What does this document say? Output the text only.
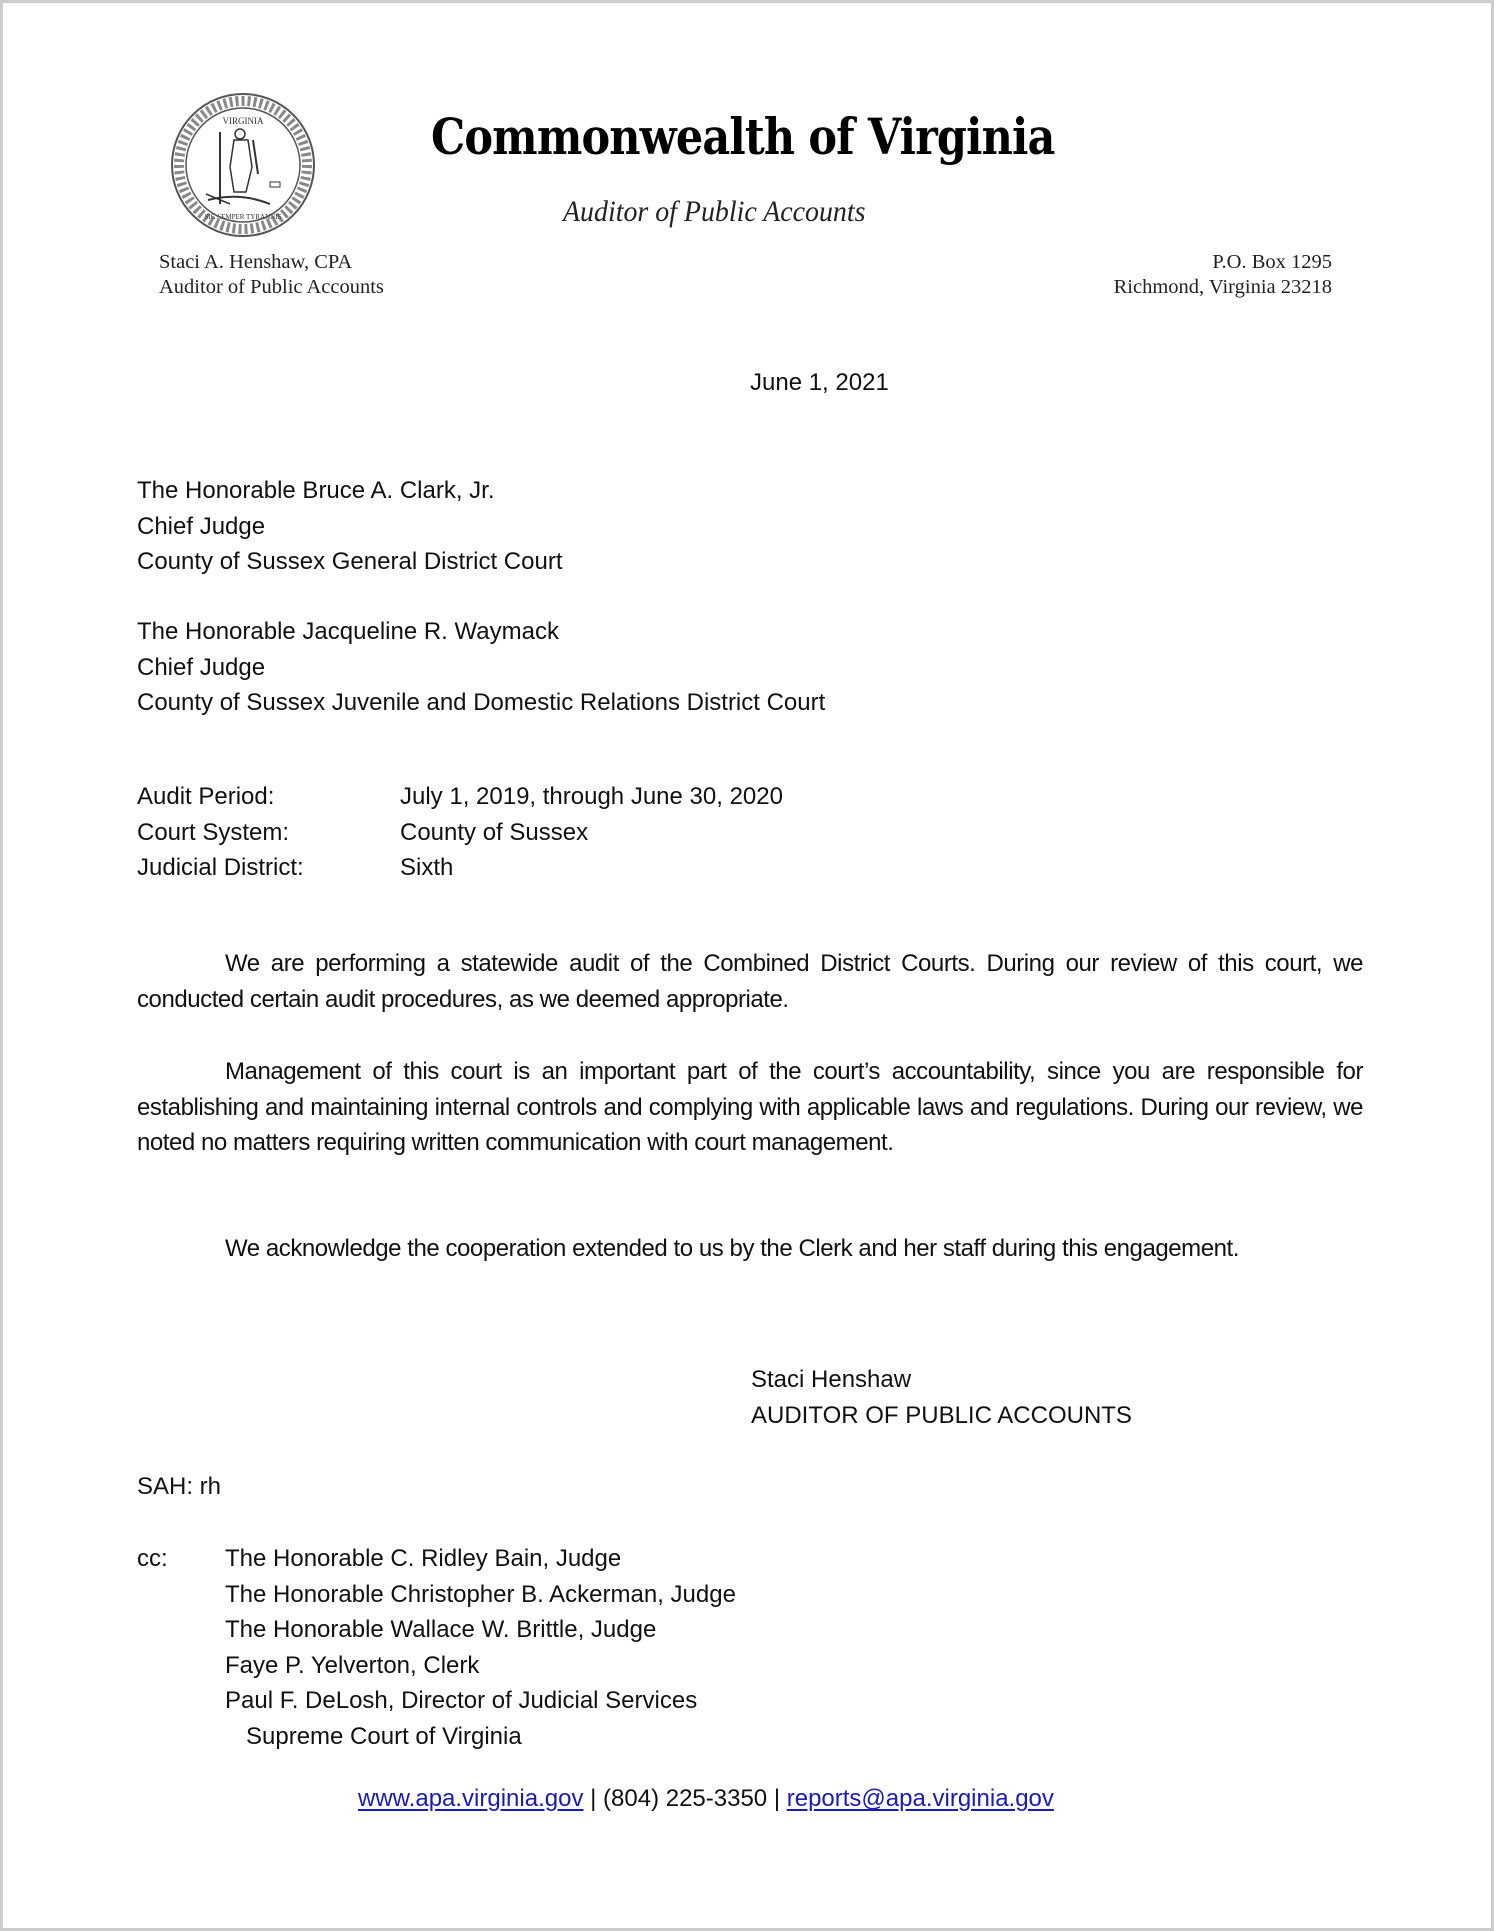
VIRGINIA
SIC SEMPER TYRANNIS
Commonwealth of Virginia
Auditor of Public Accounts
Staci A. Henshaw, CPA
Auditor of Public Accounts
P.O. Box 1295
Richmond, Virginia 23218
June 1, 2021
The Honorable Bruce A. Clark, Jr.
Chief Judge
County of Sussex General District Court
The Honorable Jacqueline R. Waymack
Chief Judge
County of Sussex Juvenile and Domestic Relations District Court
Audit Period:	July 1, 2019, through June 30, 2020
Court System:	County of Sussex
Judicial District:	Sixth
We are performing a statewide audit of the Combined District Courts. During our review of this court, we conducted certain audit procedures, as we deemed appropriate.
Management of this court is an important part of the court’s accountability, since you are responsible for establishing and maintaining internal controls and complying with applicable laws and regulations. During our review, we noted no matters requiring written communication with court management.
We acknowledge the cooperation extended to us by the Clerk and her staff during this engagement.
Staci Henshaw
AUDITOR OF PUBLIC ACCOUNTS
SAH: rh
cc:	The Honorable C. Ridley Bain, Judge
The Honorable Christopher B. Ackerman, Judge
The Honorable Wallace W. Brittle, Judge
Faye P. Yelverton, Clerk
Paul F. DeLosh, Director of Judicial Services
Supreme Court of Virginia
www.apa.virginia.gov | (804) 225-3350 | reports@apa.virginia.gov
